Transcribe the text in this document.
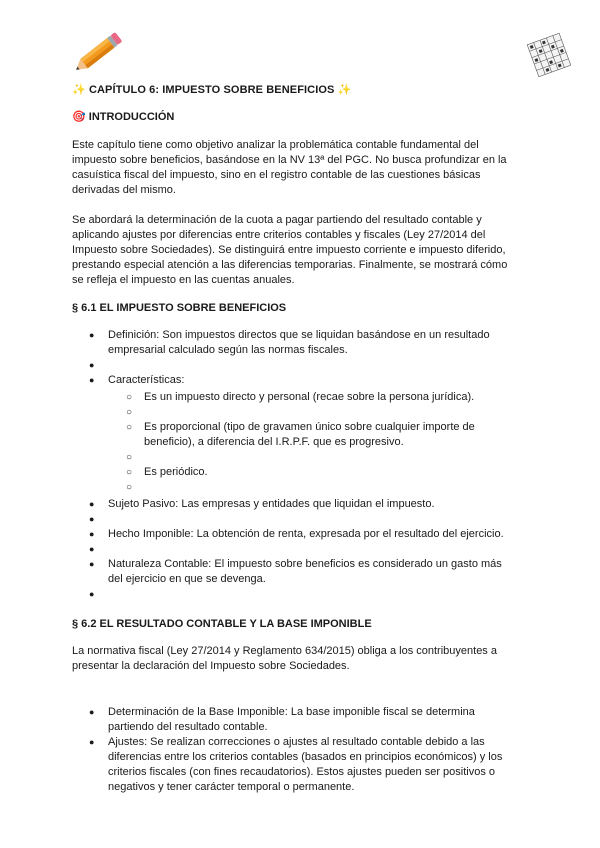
✨ CAPÍTULO 6: IMPUESTO SOBRE BENEFICIOS ✨
🎯 INTRODUCCIÓN

Este capítulo tiene como objetivo analizar la problemática contable fundamental del impuesto sobre beneficios, basándose en la NV 13ª del PGC. No busca profundizar en la casuística fiscal del impuesto, sino en el registro contable de las cuestiones básicas derivadas del mismo.

Se abordará la determinación de la cuota a pagar partiendo del resultado contable y aplicando ajustes por diferencias entre criterios contables y fiscales (Ley 27/2014 del Impuesto sobre Sociedades). Se distinguirá entre impuesto corriente e impuesto diferido, prestando especial atención a las diferencias temporarias. Finalmente, se mostrará cómo se refleja el impuesto en las cuentas anuales.

§ 6.1 EL IMPUESTO SOBRE BENEFICIOS
● Definición: Son impuestos directos que se liquidan basándose en un resultado empresarial calculado según las normas fiscales.
●
● Características:
○ Es un impuesto directo y personal (recae sobre la persona jurídica).
○
○ Es proporcional (tipo de gravamen único sobre cualquier importe de beneficio), a diferencia del I.R.P.F. que es progresivo.
○
○ Es periódico.
○
● Sujeto Pasivo: Las empresas y entidades que liquidan el impuesto.
●
● Hecho Imponible: La obtención de renta, expresada por el resultado del ejercicio.
●
● Naturaleza Contable: El impuesto sobre beneficios es considerado un gasto más del ejercicio en que se devenga.
●
§ 6.2 EL RESULTADO CONTABLE Y LA BASE IMPONIBLE

La normativa fiscal (Ley 27/2014 y Reglamento 634/2015) obliga a los contribuyentes a presentar la declaración del Impuesto sobre Sociedades.

● Determinación de la Base Imponible: La base imponible fiscal se determina partiendo del resultado contable.
● Ajustes: Se realizan correcciones o ajustes al resultado contable debido a las diferencias entre los criterios contables (basados en principios económicos) y los criterios fiscales (con fines recaudatorios). Estos ajustes pueden ser positivos o negativos y tener carácter temporal o permanente.
